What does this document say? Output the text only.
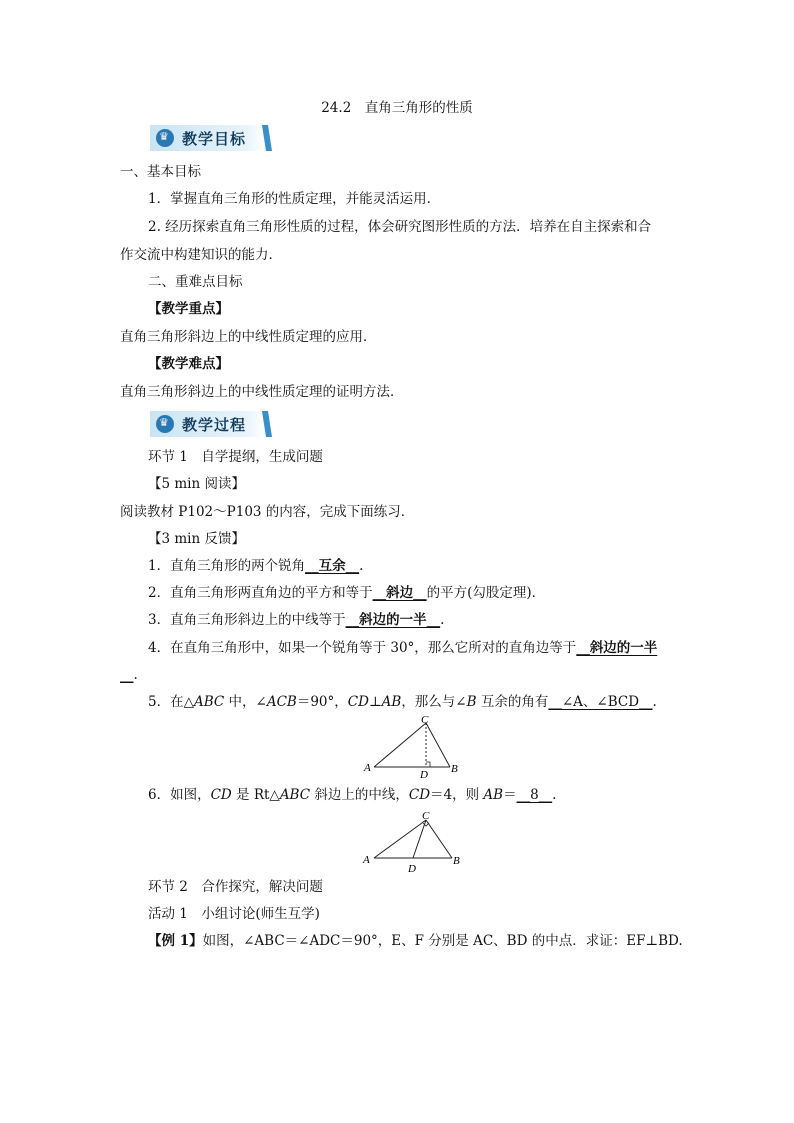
24.2　直角三角形的性质
♛ 教学目标
一、基本目标
1．掌握直角三角形的性质定理，并能灵活运用．
2. 经历探索直角三角形性质的过程，体会研究图形性质的方法．培养在自主探索和合
作交流中构建知识的能力．
二、重难点目标
【教学重点】
直角三角形斜边上的中线性质定理的应用．
【教学难点】
直角三角形斜边上的中线性质定理的证明方法．
♛ 教学过程
环节 1　自学提纲，生成问题
【5 min 阅读】
阅读教材 P102～P103 的内容，完成下面练习．
【3 min 反馈】
1．直角三角形的两个锐角__互余__.
2．直角三角形两直角边的平方和等于__斜边__的平方(勾股定理)．
3．直角三角形斜边上的中线等于__斜边的一半__.
4．在直角三角形中，如果一个锐角等于 30°，那么它所对的直角边等于__斜边的一半
__.
5．在△ABC 中，∠ACB＝90°，CD⊥AB，那么与∠B 互余的角有__∠A、∠BCD__.
A	B
C
D
6．如图，CD 是 Rt△ABC 斜边上的中线，CD＝4，则 AB＝__8__.
A	B
C
D
环节 2　合作探究，解决问题
活动 1　小组讨论(师生互学)
【例 1】如图，∠ABC＝∠ADC＝90°，E、F 分别是 AC、BD 的中点．求证：EF⊥BD.
